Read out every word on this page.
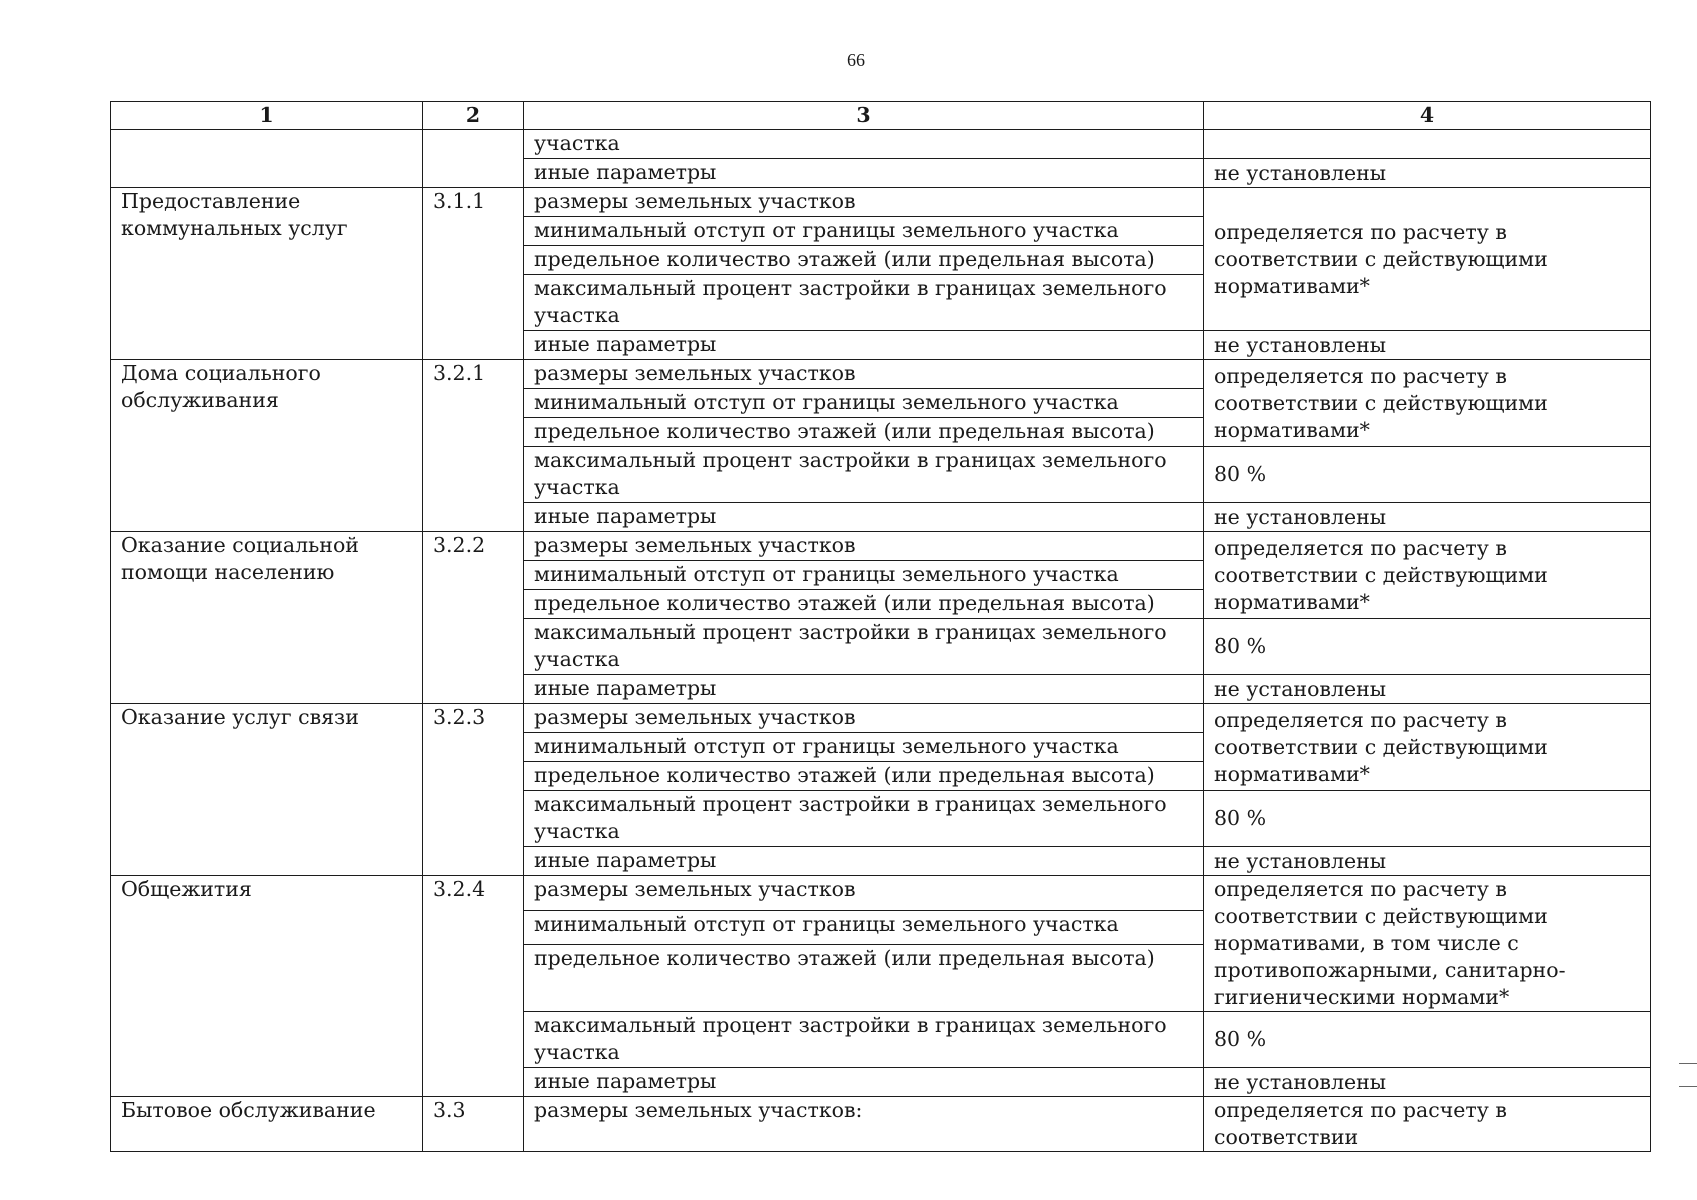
66
1	2	3	4
		участка	
		иные параметры	не установлены
Предоставление коммунальных услуг	3.1.1	размеры земельных участков	определяется по расчету в соответствии с действующими нормативами*
		минимальный отступ от границы земельного участка	
		предельное количество этажей (или предельная высота)	
		максимальный процент застройки в границах земельного участка	
		иные параметры	не установлены
Дома социального обслуживания	3.2.1	размеры земельных участков	определяется по расчету в соответствии с действующими нормативами*
		минимальный отступ от границы земельного участка	
		предельное количество этажей (или предельная высота)	
		максимальный процент застройки в границах земельного участка	80 %
		иные параметры	не установлены
Оказание социальной помощи населению	3.2.2	размеры земельных участков	определяется по расчету в соответствии с действующими нормативами*
		минимальный отступ от границы земельного участка	
		предельное количество этажей (или предельная высота)	
		максимальный процент застройки в границах земельного участка	80 %
		иные параметры	не установлены
Оказание услуг связи	3.2.3	размеры земельных участков	определяется по расчету в соответствии с действующими нормативами*
		минимальный отступ от границы земельного участка	
		предельное количество этажей (или предельная высота)	
		максимальный процент застройки в границах земельного участка	80 %
		иные параметры	не установлены
Общежития	3.2.4	размеры земельных участков	определяется по расчету в соответствии с действующими нормативами, в том числе с противопожарными, санитарно-гигиеническими нормами*
		минимальный отступ от границы земельного участка	
		предельное количество этажей (или предельная высота)	
		максимальный процент застройки в границах земельного участка	80 %
		иные параметры	не установлены
Бытовое обслуживание	3.3	размеры земельных участков:	определяется по расчету в соответствии
